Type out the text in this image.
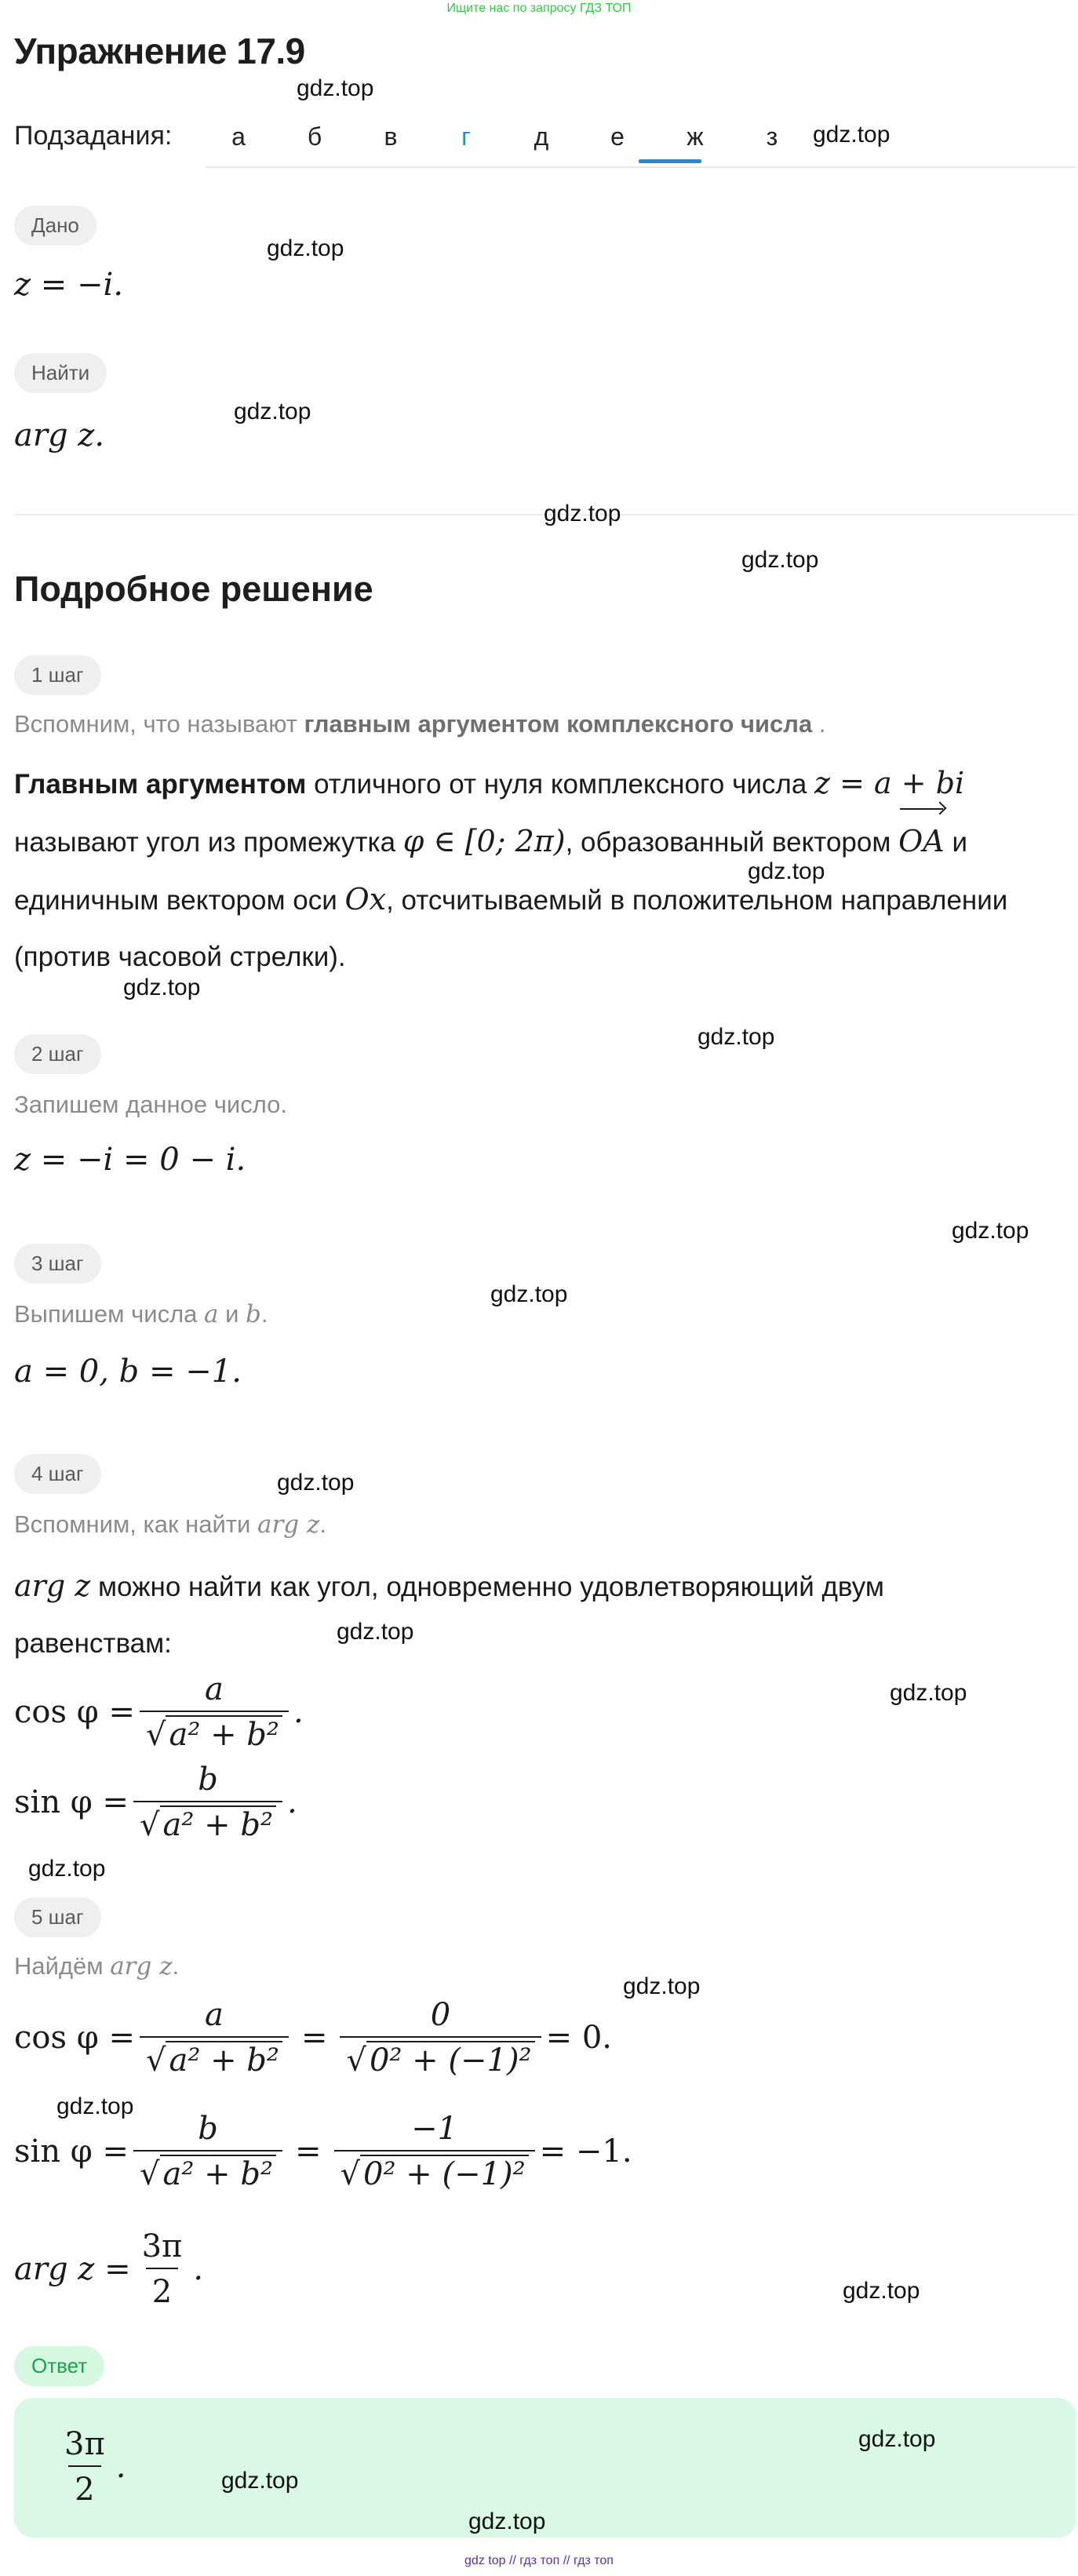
Ищите нас по запросу ГДЗ ТОП
Упражнение 17.9
Подзадания:	а	б	в	г	д	е	ж	з
Дано
z = −i.
Найти
arg z.
Подробное решение
1 шаг
Вспомним, что называют главным аргументом комплексного числа .
Главным аргументом отличного от нуля комплексного числа z = a + bi
называют угол из промежутка φ ∈ [0; 2π), образованный вектором OA и
единичным вектором оси Ox, отсчитываемый в положительном направлении
(против часовой стрелки).
2 шаг
Запишем данное число.
z = −i = 0 − i.
3 шаг
Выпишем числа a и b.
a = 0, b = −1.
4 шаг
Вспомним, как найти arg z.
arg z можно найти как угол, одновременно удовлетворяющий двум
равенствам:
$\cos \varphi = \frac{a}{\text{√ a² + b²}}$ .
$\sin \varphi = \frac{b}{\text{√ a² + b²}}$ .
5 шаг
Найдём arg z.
$\cos \varphi = \frac{a}{\text{√ a² + b²}} = \frac{0}{\text{√ 0² + (−1)²}} = 0$.
$\sin \varphi = \frac{b}{\text{√ a² + b²}} = \frac{-1}{\text{√ 0² + (−1)²}} = -1$.
arg $z = \frac{3\pi}{2}$ .
Ответ
$\frac{3\pi}{2}$ .
gdz.top
gdz.top
gdz.top
gdz.top
gdz.top
gdz.top
gdz.top
gdz.top
gdz.top
gdz.top
gdz.top
gdz.top
gdz.top
gdz.top
gdz.top
gdz.top
gdz.top
gdz.top
gdz.top
gdz.top
gdz.top
gdz top // гдз топ // гдз топ
